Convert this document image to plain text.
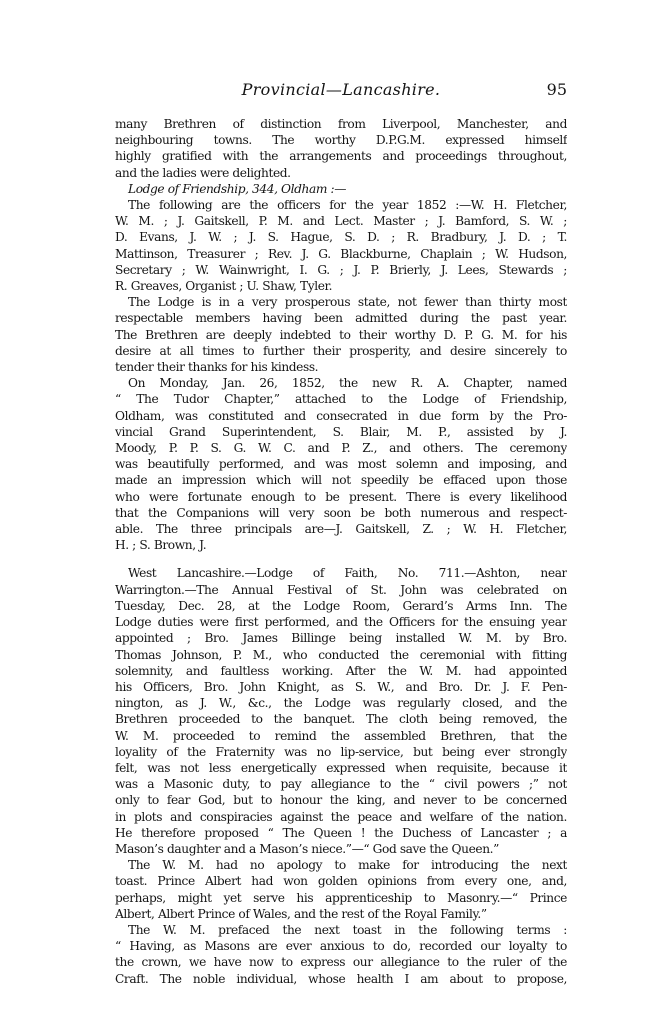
Provincial—Lancashire.	95
many Brethren of distinction from Liverpool, Manchester, and
neighbouring towns. The worthy D.P.G.M. expressed himself
highly gratified with the arrangements and proceedings throughout,
and the ladies were delighted.
Lodge of Friendship, 344, Oldham :—
The following are the officers for the year 1852 :—W. H. Fletcher,
W. M. ; J. Gaitskell, P. M. and Lect. Master ; J. Bamford, S. W. ;
D. Evans, J. W. ; J. S. Hague, S. D. ; R. Bradbury, J. D. ; T.
Mattinson, Treasurer ; Rev. J. G. Blackburne, Chaplain ; W. Hudson,
Secretary ; W. Wainwright, I. G. ; J. P. Brierly, J. Lees, Stewards ;
R. Greaves, Organist ; U. Shaw, Tyler.
The Lodge is in a very prosperous state, not fewer than thirty most
respectable members having been admitted during the past year.
The Brethren are deeply indebted to their worthy D. P. G. M. for his
desire at all times to further their prosperity, and desire sincerely to
tender their thanks for his kindess.
On Monday, Jan. 26, 1852, the new R. A. Chapter, named
“ The Tudor Chapter,” attached to the Lodge of Friendship,
Oldham, was constituted and consecrated in due form by the Pro-
vincial Grand Superintendent, S. Blair, M. P., assisted by J.
Moody, P. P. S. G. W. C. and P. Z., and others. The ceremony
was beautifully performed, and was most solemn and imposing, and
made an impression which will not speedily be effaced upon those
who were fortunate enough to be present. There is every likelihood
that the Companions will very soon be both numerous and respect-
able. The three principals are—J. Gaitskell, Z. ; W. H. Fletcher,
H. ; S. Brown, J.
West Lancashire.—Lodge of Faith, No. 711.—Ashton, near
Warrington.—The Annual Festival of St. John was celebrated on
Tuesday, Dec. 28, at the Lodge Room, Gerard’s Arms Inn. The
Lodge duties were first performed, and the Officers for the ensuing year
appointed ; Bro. James Billinge being installed W. M. by Bro.
Thomas Johnson, P. M., who conducted the ceremonial with fitting
solemnity, and faultless working. After the W. M. had appointed
his Officers, Bro. John Knight, as S. W., and Bro. Dr. J. F. Pen-
nington, as J. W., &c., the Lodge was regularly closed, and the
Brethren proceeded to the banquet. The cloth being removed, the
W. M. proceeded to remind the assembled Brethren, that the
loyality of the Fraternity was no lip-service, but being ever strongly
felt, was not less energetically expressed when requisite, because it
was a Masonic duty, to pay allegiance to the “ civil powers ;” not
only to fear God, but to honour the king, and never to be concerned
in plots and conspiracies against the peace and welfare of the nation.
He therefore proposed “ The Queen ! the Duchess of Lancaster ; a
Mason’s daughter and a Mason’s niece.”—“ God save the Queen.”
The W. M. had no apology to make for introducing the next
toast. Prince Albert had won golden opinions from every one, and,
perhaps, might yet serve his apprenticeship to Masonry.—“ Prince
Albert, Albert Prince of Wales, and the rest of the Royal Family.”
The W. M. prefaced the next toast in the following terms :
“ Having, as Masons are ever anxious to do, recorded our loyalty to
the crown, we have now to express our allegiance to the ruler of the
Craft. The noble individual, whose health I am about to propose,
